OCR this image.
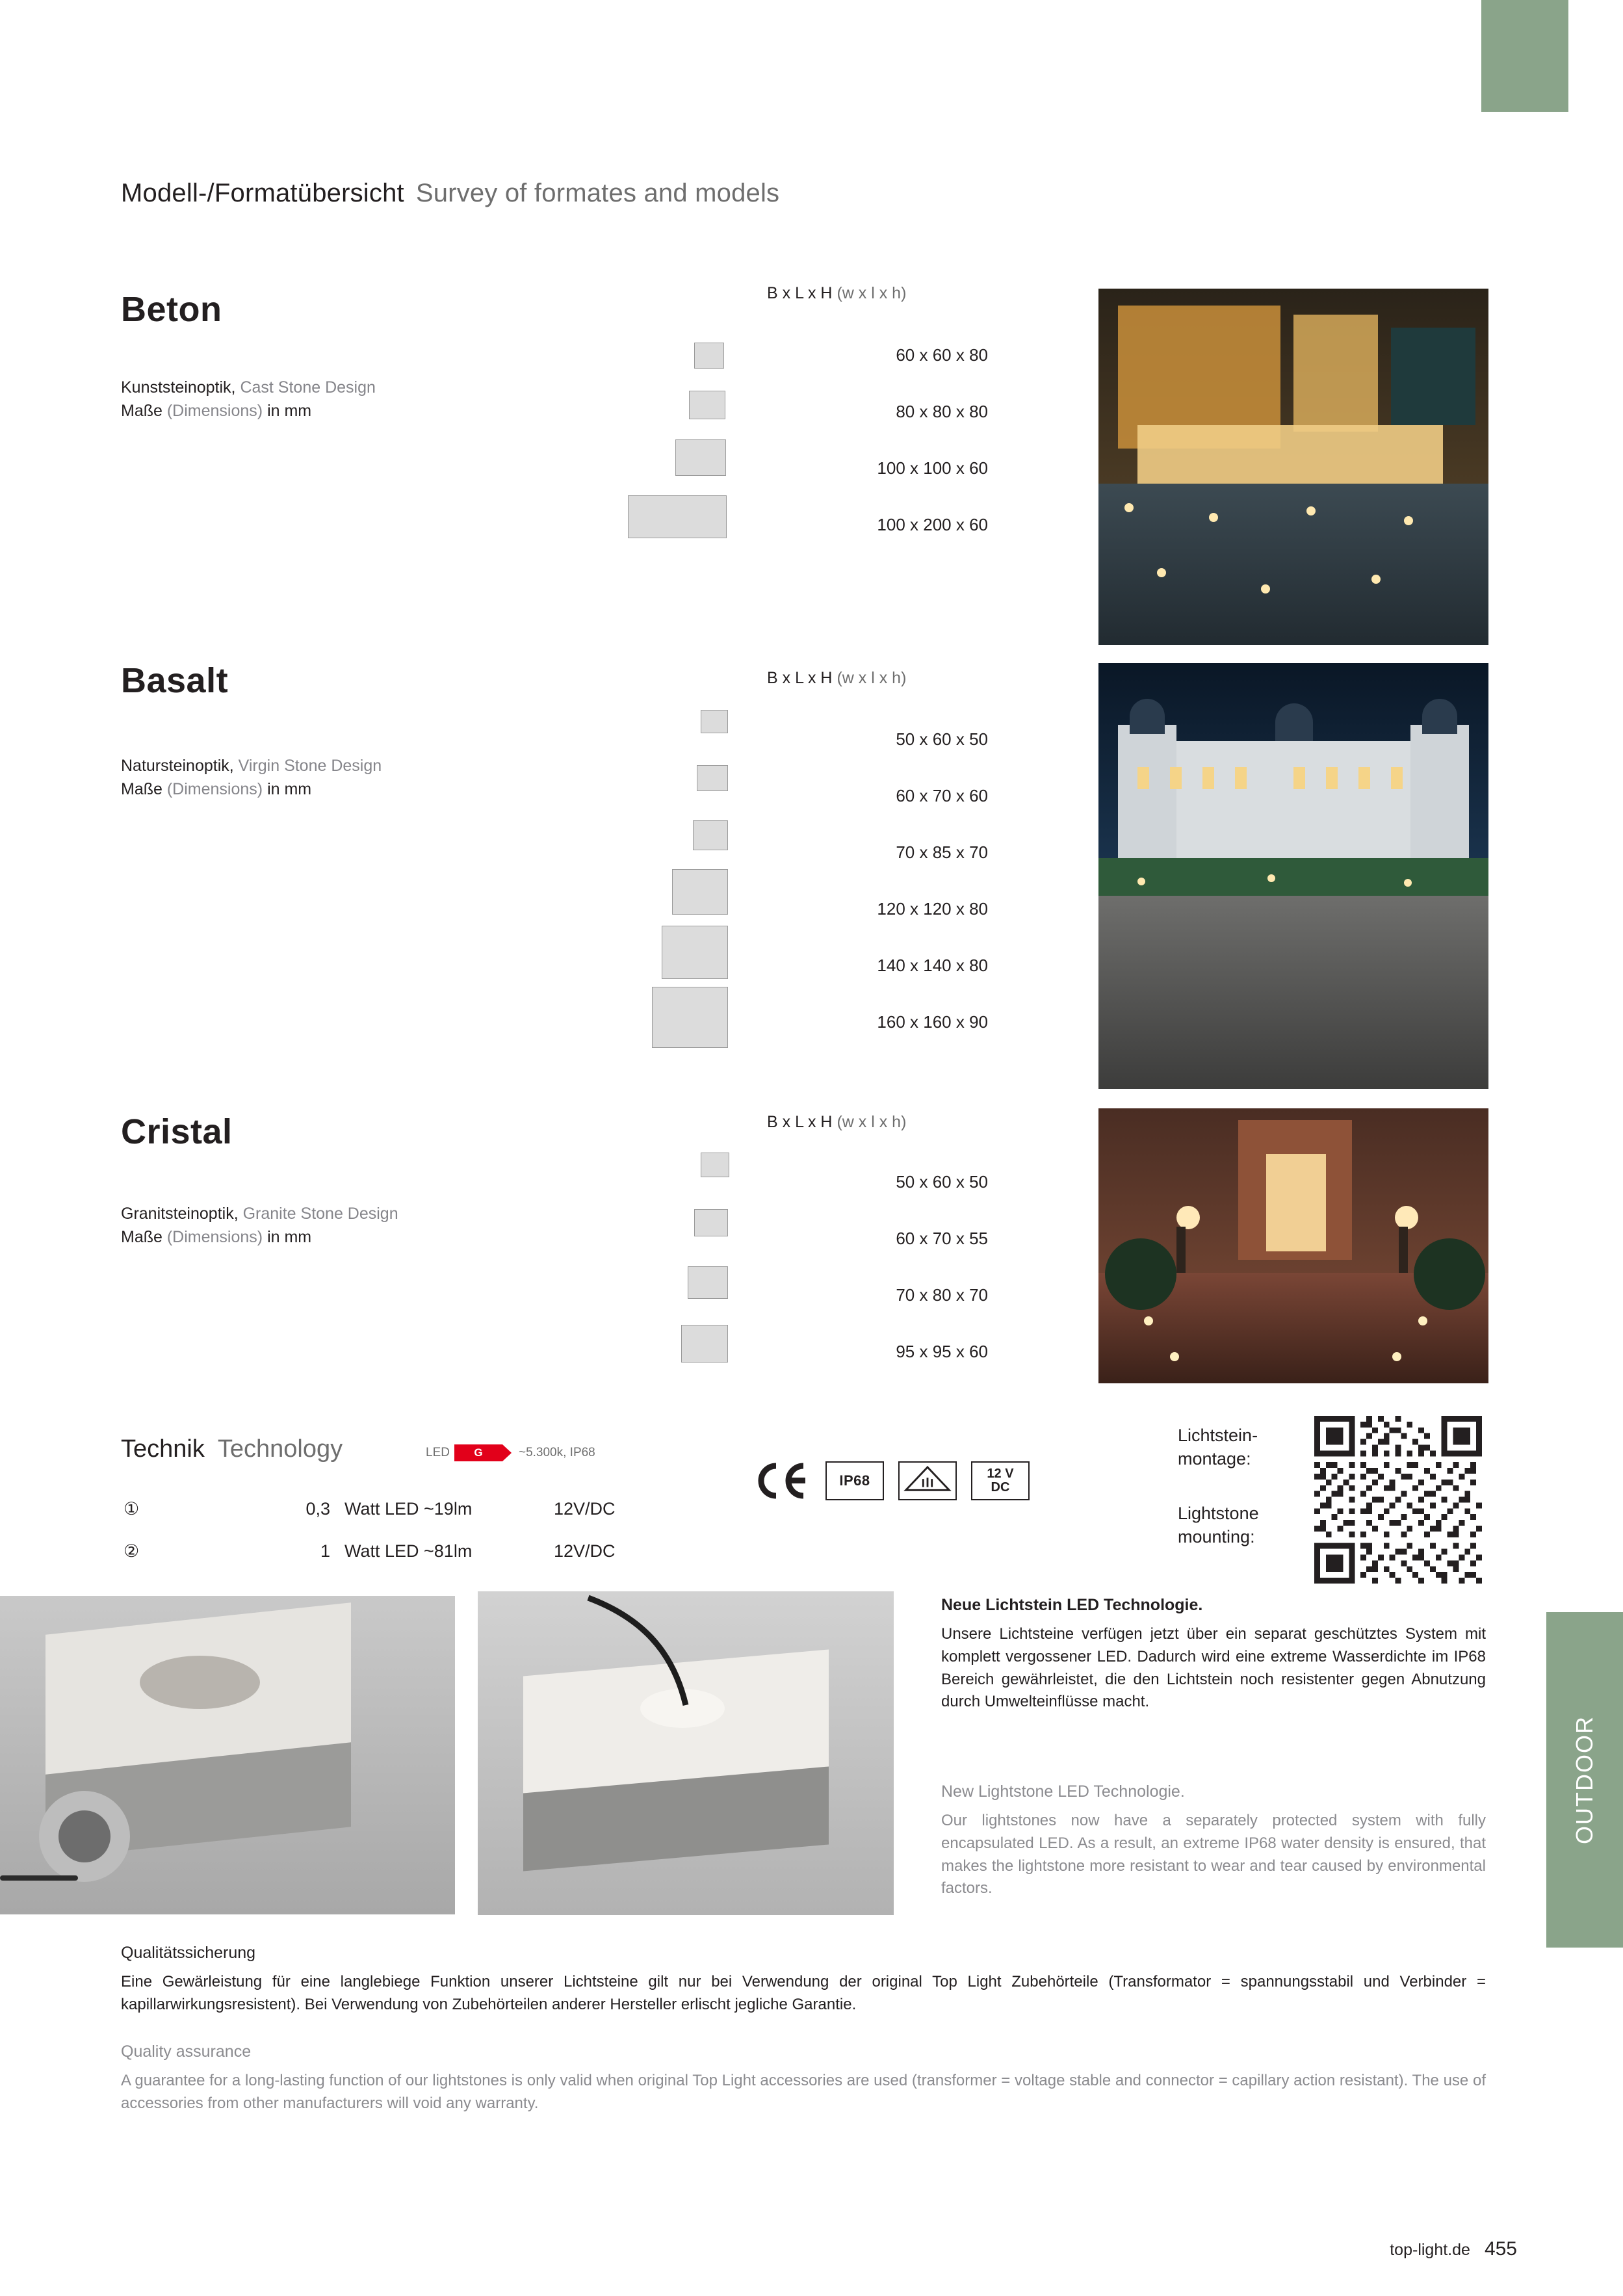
Modell-/Formatübersicht Survey of formates and models
Beton
Kunststeinoptik, Cast Stone Design
Maße (Dimensions) in mm
B x L x H (w x l x h)
60 x 60 x 80
80 x 80 x 80
100 x 100 x 60
100 x 200 x 60
Basalt
Natursteinoptik, Virgin Stone Design
Maße (Dimensions) in mm
B x L x H (w x l x h)
50 x 60 x 50
60 x 70 x 60
70 x 85 x 70
120 x 120 x 80
140 x 140 x 80
160 x 160 x 90
Cristal
Granitsteinoptik, Granite Stone Design
Maße (Dimensions) in mm
B x L x H (w x l x h)
50 x 60 x 50
60 x 70 x 55
70 x 80 x 70
95 x 95 x 60
Technik Technology	LED G	~5.300k, IP68
①	0,3 Watt LED ~19lm	12V/DC
②	1 Watt LED ~81lm	12V/DC
IP68	12 V
DC
Lichtstein-
montage:
Lightstone
mounting:
Neue Lichtstein LED Technologie.
Unsere Lichtsteine verfügen jetzt über ein separat geschütztes System mit komplett vergossener LED. Dadurch wird eine extreme Wasserdichte im IP68 Bereich gewährleistet, die den Lichtstein noch resistenter gegen Abnutzung durch Umwelteinflüsse macht.
New Lightstone LED Technologie.
Our lightstones now have a separately protected system with fully encapsulated LED. As a result, an extreme IP68 water density is ensured, that makes the lightstone more resistant to wear and tear caused by environmental factors.
OUTDOOR
Qualitätssicherung
Eine Gewärleistung für eine langlebiege Funktion unserer Lichtsteine gilt nur bei Verwendung der original Top Light Zubehörteile (Transformator = spannungsstabil und Verbinder = kapillarwirkungsresistent). Bei Verwendung von Zubehörteilen anderer Hersteller erlischt jegliche Garantie.
Quality assurance
A guarantee for a long-lasting function of our lightstones is only valid when original Top Light accessories are used (transformer = voltage stable and connector = capillary action resistant). The use of accessories from other manufacturers will void any warranty.
top-light.de 455
